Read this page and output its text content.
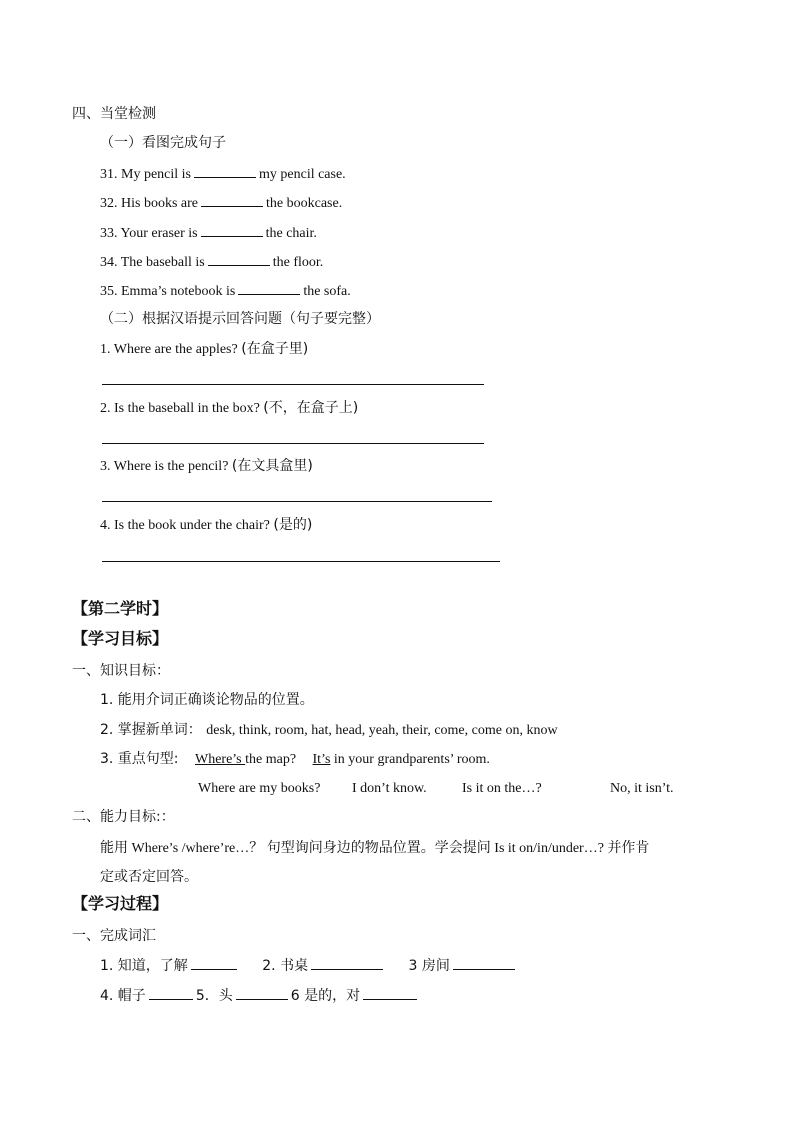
四、当堂检测
（一）看图完成句子
31. My pencil is	my pencil case.
32. His books are	the bookcase.
33. Your eraser is	the chair.
34. The baseball is	the floor.
35. Emma’s notebook is	the sofa.
（二）根据汉语提示回答问题（句子要完整）
1. Where are the apples? (在盒子里)
2. Is the baseball in the box? (不，在盒子上)
3. Where is the pencil? (在文具盒里)
4. Is the book under the chair? (是的)
【第二学时】
【学习目标】
一、知识目标：
1. 能用介词正确谈论物品的位置。
2. 掌握新单词： desk, think, room, hat, head, yeah, their, come, come on, know
3. 重点句型: Where’s the map? It’s in your grandparents’ room.
Where are my books? I don’t know.	Is it on the…?	No, it isn’t.
二、能力目标:：
能用 Where’s /where’re…？ 句型询问身边的物品位置。学会提问 Is it on/in/under…? 并作肯
定或否定回答。
【学习过程】
一、完成词汇
1. 知道，了解	2. 书桌	3 房间
4. 帽子	5．头	6 是的，对
